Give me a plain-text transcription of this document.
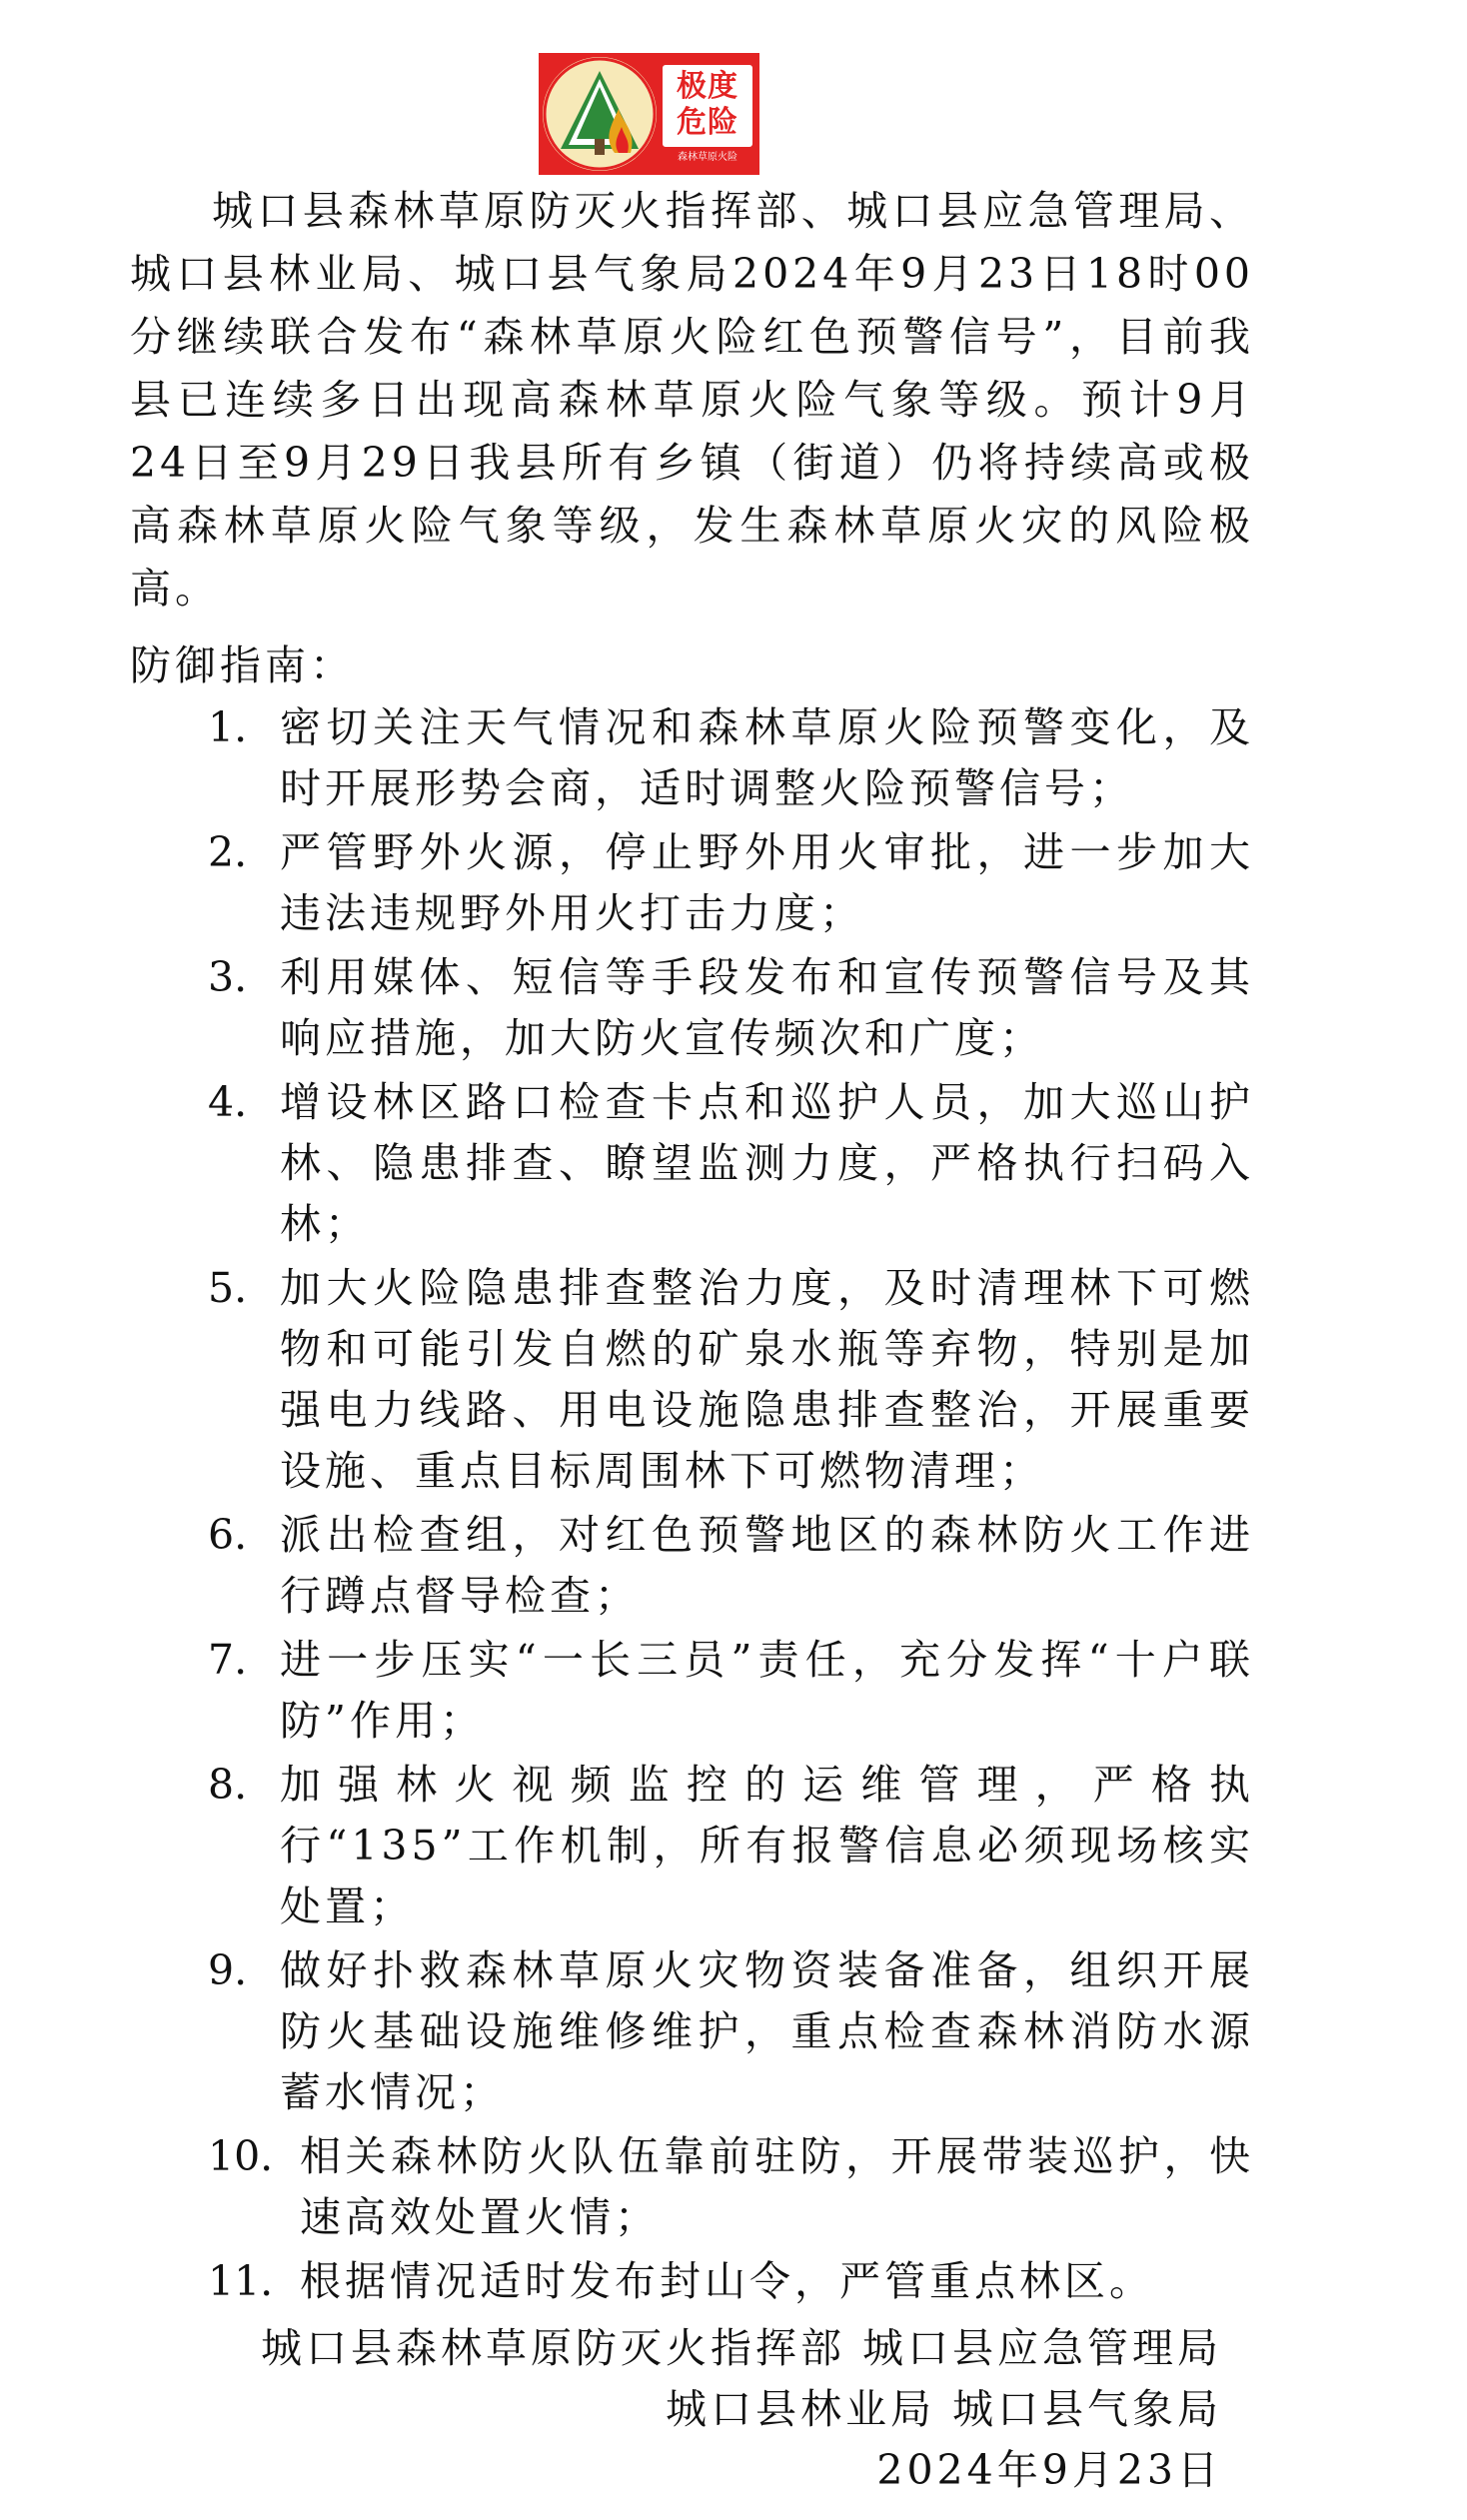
极度
危险
森林草原火险

城口县森林草原防灭火指挥部、城口县应急管理局、城口县林业局、城口县气象局2024年9月23日18时00分继续联合发布“森林草原火险红色预警信号”，目前我县已连续多日出现高森林草原火险气象等级。预计9月24日至9月29日我县所有乡镇（街道）仍将持续高或极高森林草原火险气象等级，发生森林草原火灾的风险极高。

防御指南：
1. 密切关注天气情况和森林草原火险预警变化，及时开展形势会商，适时调整火险预警信号；
2. 严管野外火源，停止野外用火审批，进一步加大违法违规野外用火打击力度；
3. 利用媒体、短信等手段发布和宣传预警信号及其响应措施，加大防火宣传频次和广度；
4. 增设林区路口检查卡点和巡护人员，加大巡山护林、隐患排查、瞭望监测力度，严格执行扫码入林；
5. 加大火险隐患排查整治力度，及时清理林下可燃物和可能引发自燃的矿泉水瓶等弃物，特别是加强电力线路、用电设施隐患排查整治，开展重要设施、重点目标周围林下可燃物清理；
6. 派出检查组，对红色预警地区的森林防火工作进行蹲点督导检查；
7. 进一步压实“一长三员”责任，充分发挥“十户联防”作用；
8. 加强林火视频监控的运维管理，严格执行“135”工作机制，所有报警信息必须现场核实处置；
9. 做好扑救森林草原火灾物资装备准备，组织开展防火基础设施维修维护，重点检查森林消防水源蓄水情况；
10. 相关森林防火队伍靠前驻防，开展带装巡护，快速高效处置火情；
11. 根据情况适时发布封山令，严管重点林区。
城口县森林草原防灭火指挥部 城口县应急管理局
城口县林业局 城口县气象局
2024年9月23日
